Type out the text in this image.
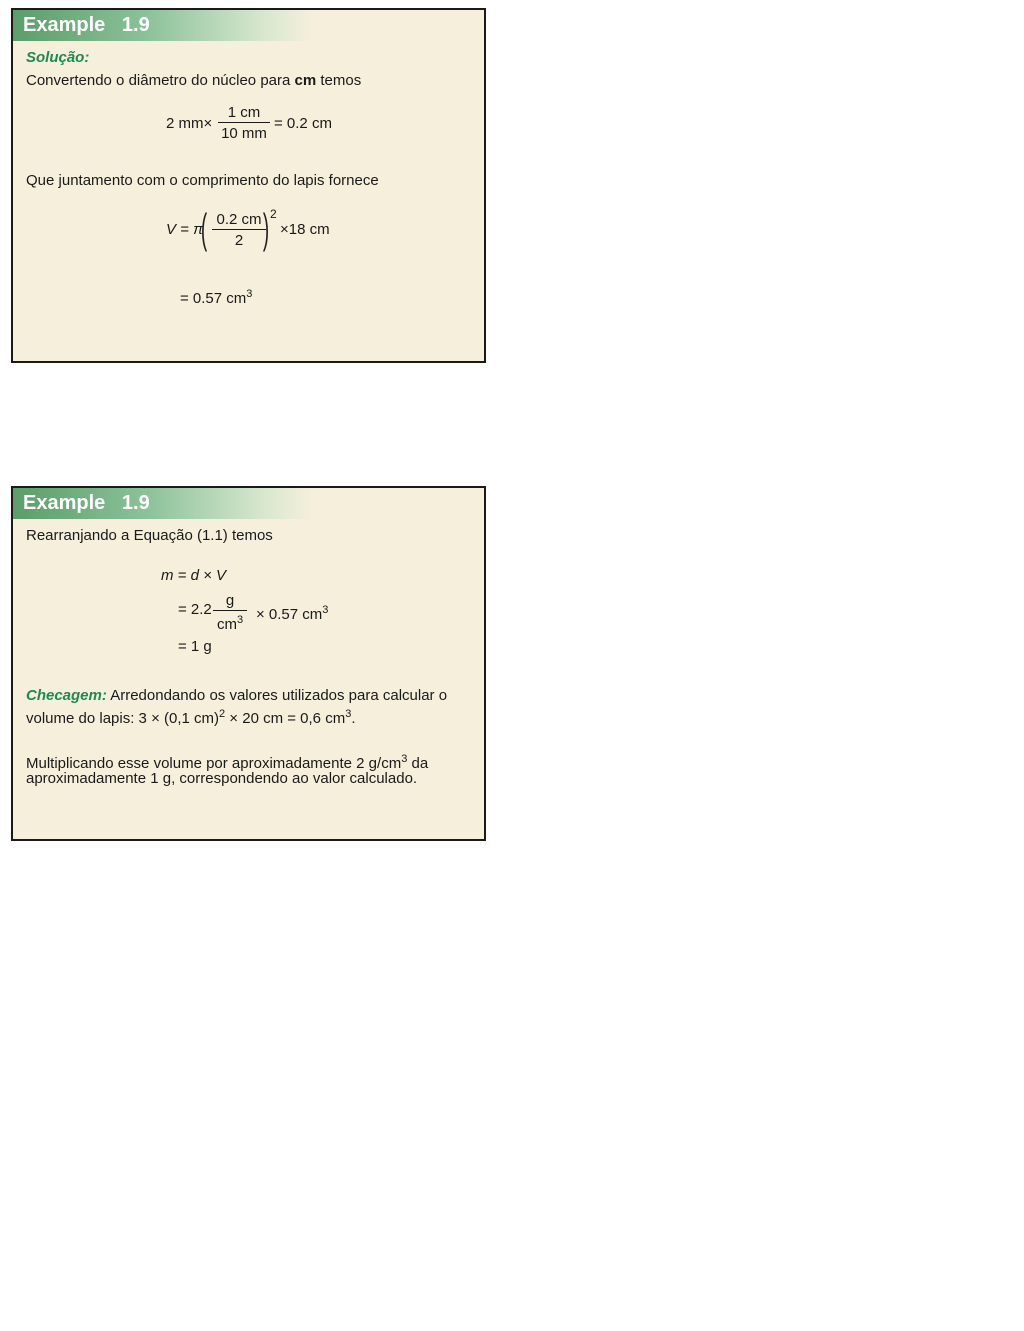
Example   1.9
Solução:
Convertendo o diâmetro do núcleo para cm temos
2 $mm\times \frac{1 cm}{10 mm} = 0.2$ cm
Que juntamento com o comprimento do lapis fornece
V = π
( $\frac{0.2 cm}{2}$
) 2
×18 cm
= 0.57 $cm^3$
Example   1.9
Rearranjando a Equação (1.1) temos
m = d × V
= $2.2 \frac{g}{cm^3} \times 0.57$ $cm^3$
= 1 g
Checagem: Arredondando os valores utilizados para calcular o
volume do lapis: 3 × (0,1 cm)$^2$ × 20 cm = 0,6 $cm^3$.
Multiplicando esse volume por aproximadamente 2 $g/cm^3$ da
aproximadamente 1 g, correspondendo ao valor calculado.
